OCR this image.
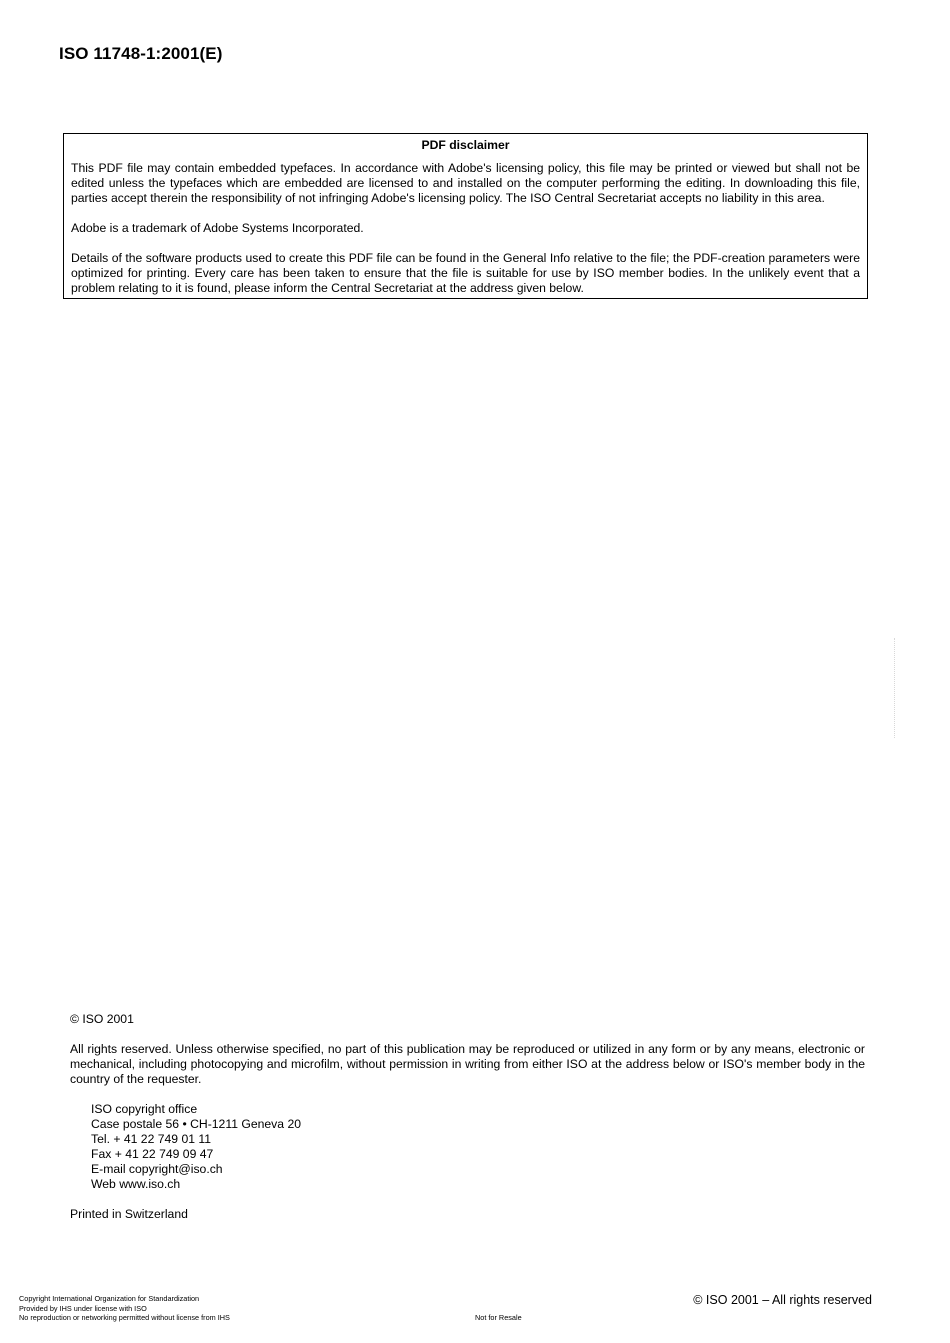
ISO 11748-1:2001(E)
PDF disclaimer

This PDF file may contain embedded typefaces. In accordance with Adobe's licensing policy, this file may be printed or viewed but shall not be edited unless the typefaces which are embedded are licensed to and installed on the computer performing the editing. In downloading this file, parties accept therein the responsibility of not infringing Adobe's licensing policy. The ISO Central Secretariat accepts no liability in this area.

Adobe is a trademark of Adobe Systems Incorporated.

Details of the software products used to create this PDF file can be found in the General Info relative to the file; the PDF-creation parameters were optimized for printing. Every care has been taken to ensure that the file is suitable for use by ISO member bodies. In the unlikely event that a problem relating to it is found, please inform the Central Secretariat at the address given below.

© ISO 2001

All rights reserved. Unless otherwise specified, no part of this publication may be reproduced or utilized in any form or by any means, electronic or mechanical, including photocopying and microfilm, without permission in writing from either ISO at the address below or ISO's member body in the country of the requester.

ISO copyright office
Case postale 56 • CH-1211 Geneva 20
Tel. + 41 22 749 01 11
Fax + 41 22 749 09 47
E-mail copyright@iso.ch
Web www.iso.ch

Printed in Switzerland

Copyright International Organization for Standardization
Provided by IHS under license with ISO
No reproduction or networking permitted without license from IHS	Not for Resale
© ISO 2001 – All rights reserved
